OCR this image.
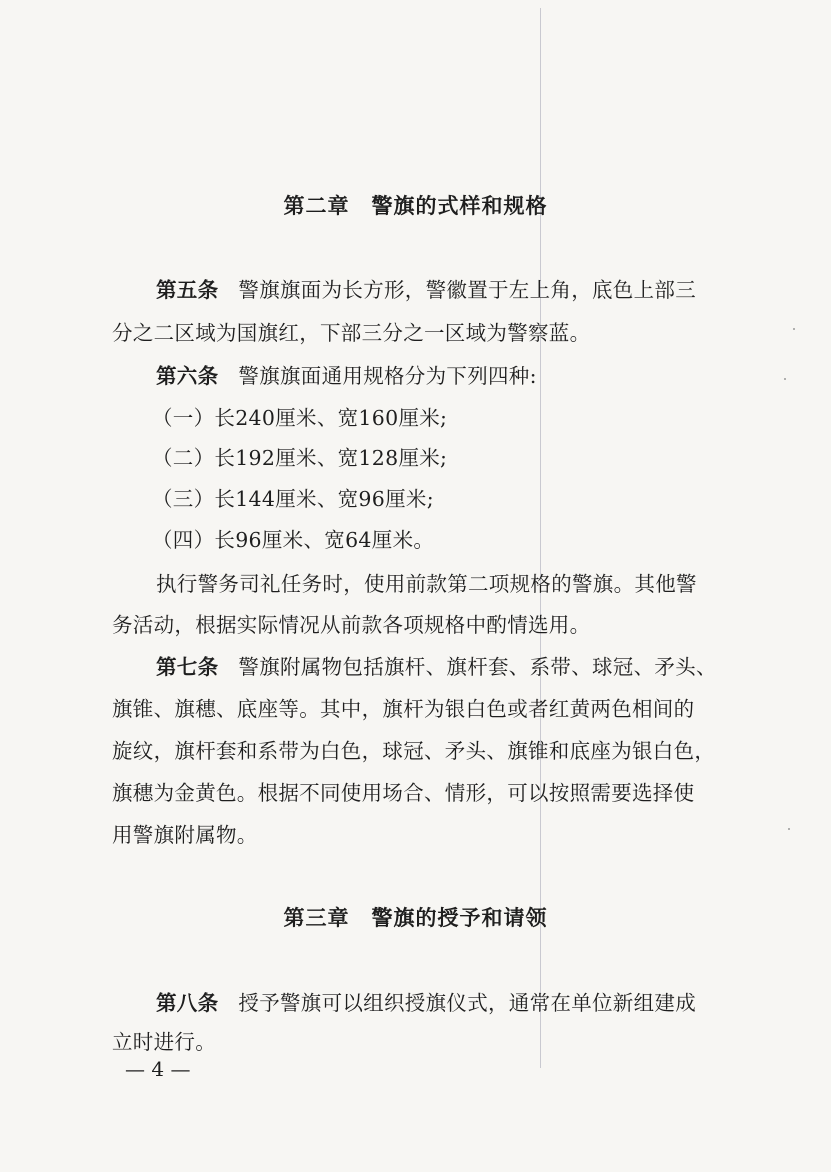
第二章　警旗的式样和规格
第五条 警旗旗面为长方形，警徽置于左上角，底色上部三
分之二区域为国旗红，下部三分之一区域为警察蓝。
第六条 警旗旗面通用规格分为下列四种:
（一）长240厘米、宽160厘米;
（二）长192厘米、宽128厘米;
（三）长144厘米、宽96厘米;
（四）长96厘米、宽64厘米。
执行警务司礼任务时，使用前款第二项规格的警旗。其他警
务活动，根据实际情况从前款各项规格中酌情选用。
第七条 警旗附属物包括旗杆、旗杆套、系带、球冠、矛头、
旗锥、旗穗、底座等。其中，旗杆为银白色或者红黄两色相间的
旋纹，旗杆套和系带为白色，球冠、矛头、旗锥和底座为银白色，
旗穗为金黄色。根据不同使用场合、情形，可以按照需要选择使
用警旗附属物。
第三章　警旗的授予和请领
第八条 授予警旗可以组织授旗仪式，通常在单位新组建成
立时进行。
— 4 —
